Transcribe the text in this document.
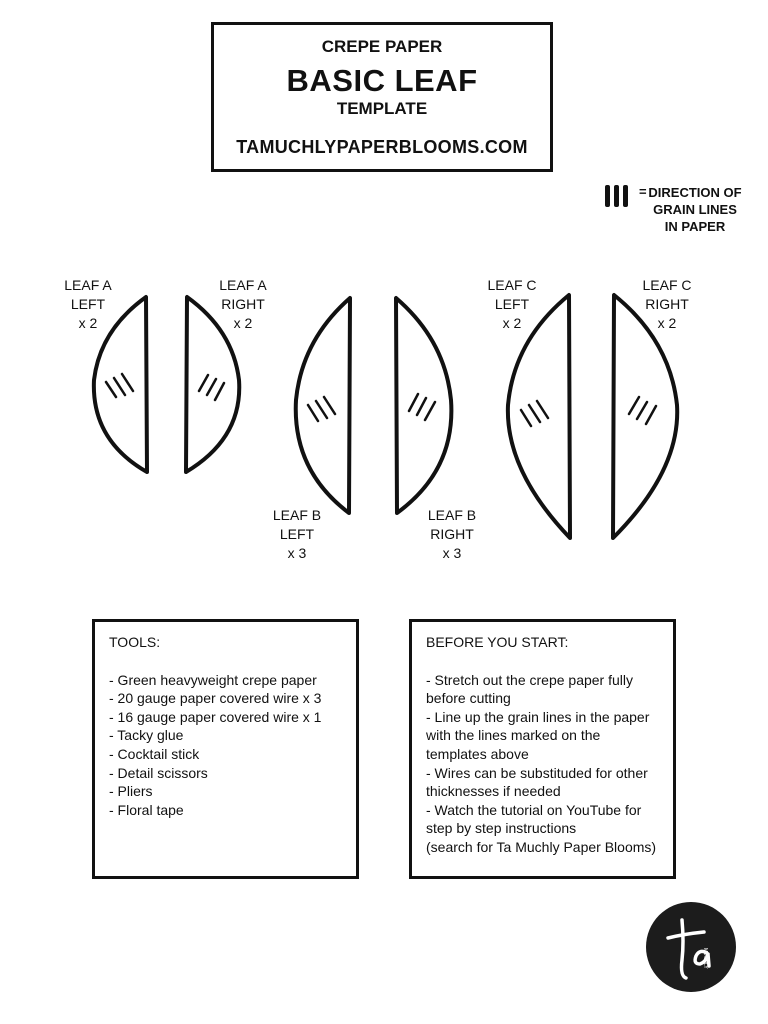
CREPE PAPER
BASIC LEAF
TEMPLATE
TAMUCHLYPAPERBLOOMS.COM
= DIRECTION OF
GRAIN LINES
IN PAPER
LEAF A
LEFT
x 2
LEAF A
RIGHT
x 2
LEAF B
LEFT
x 3
LEAF B
RIGHT
x 3
LEAF C
LEFT
x 2
LEAF C
RIGHT
x 2
TOOLS:
- Green heavyweight crepe paper
- 20 gauge paper covered wire x 3
- 16 gauge paper covered wire x 1
- Tacky glue
- Cocktail stick
- Detail scissors
- Pliers
- Floral tape
BEFORE YOU START:
- Stretch out the crepe paper fully before cutting
- Line up the grain lines in the paper with the lines marked on the templates above
- Wires can be substituded for other thicknesses if needed
- Watch the tutorial on YouTube for step by step instructions
(search for Ta Muchly Paper Blooms)
MUCHLY
